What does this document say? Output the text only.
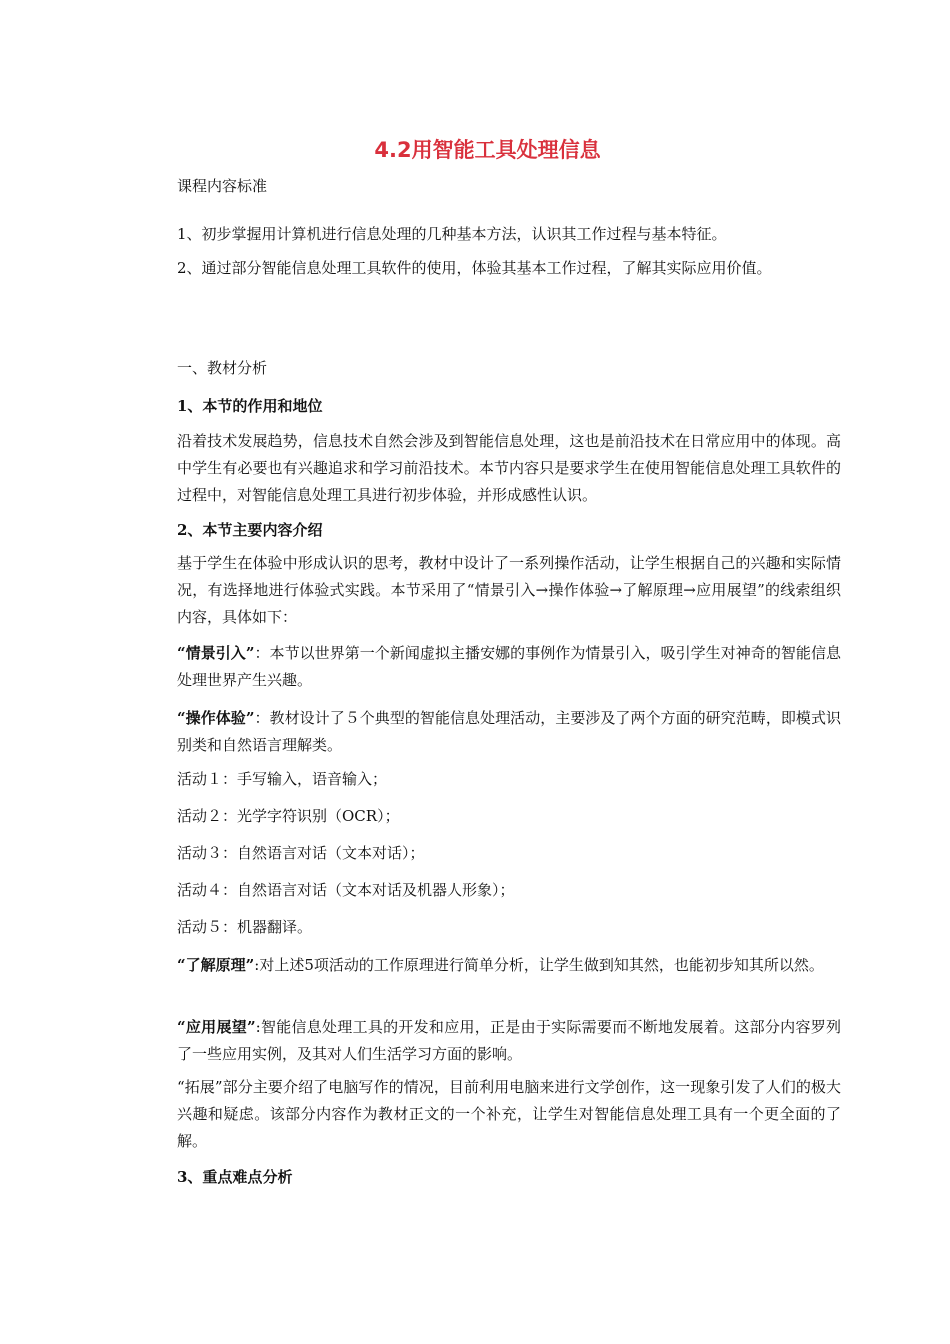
4.2用智能工具处理信息

课程内容标准

1、初步掌握用计算机进行信息处理的几种基本方法，认识其工作过程与基本特征。

2、通过部分智能信息处理工具软件的使用，体验其基本工作过程，了解其实际应用价值。

一、教材分析

1、本节的作用和地位

沿着技术发展趋势，信息技术自然会涉及到智能信息处理，这也是前沿技术在日常应用中的体现。高中学生有必要也有兴趣追求和学习前沿技术。本节内容只是要求学生在使用智能信息处理工具软件的过程中，对智能信息处理工具进行初步体验，并形成感性认识。

2、本节主要内容介绍

基于学生在体验中形成认识的思考，教材中设计了一系列操作活动，让学生根据自己的兴趣和实际情况，有选择地进行体验式实践。本节采用了“情景引入→操作体验→了解原理→应用展望”的线索组织内容，具体如下：

“情景引入”：本节以世界第一个新闻虚拟主播安娜的事例作为情景引入，吸引学生对神奇的智能信息处理世界产生兴趣。

“操作体验”：教材设计了５个典型的智能信息处理活动，主要涉及了两个方面的研究范畴，即模式识别类和自然语言理解类。

活动１：手写输入，语音输入；

活动２：光学字符识别（OCR）；

活动３：自然语言对话（文本对话）；

活动４：自然语言对话（文本对话及机器人形象）；

活动５：机器翻译。

“了解原理”:对上述5项活动的工作原理进行简单分析，让学生做到知其然，也能初步知其所以然。

“应用展望”:智能信息处理工具的开发和应用，正是由于实际需要而不断地发展着。这部分内容罗列了一些应用实例，及其对人们生活学习方面的影响。

“拓展”部分主要介绍了电脑写作的情况，目前利用电脑来进行文学创作，这一现象引发了人们的极大兴趣和疑虑。该部分内容作为教材正文的一个补充，让学生对智能信息处理工具有一个更全面的了解。

3、重点难点分析
